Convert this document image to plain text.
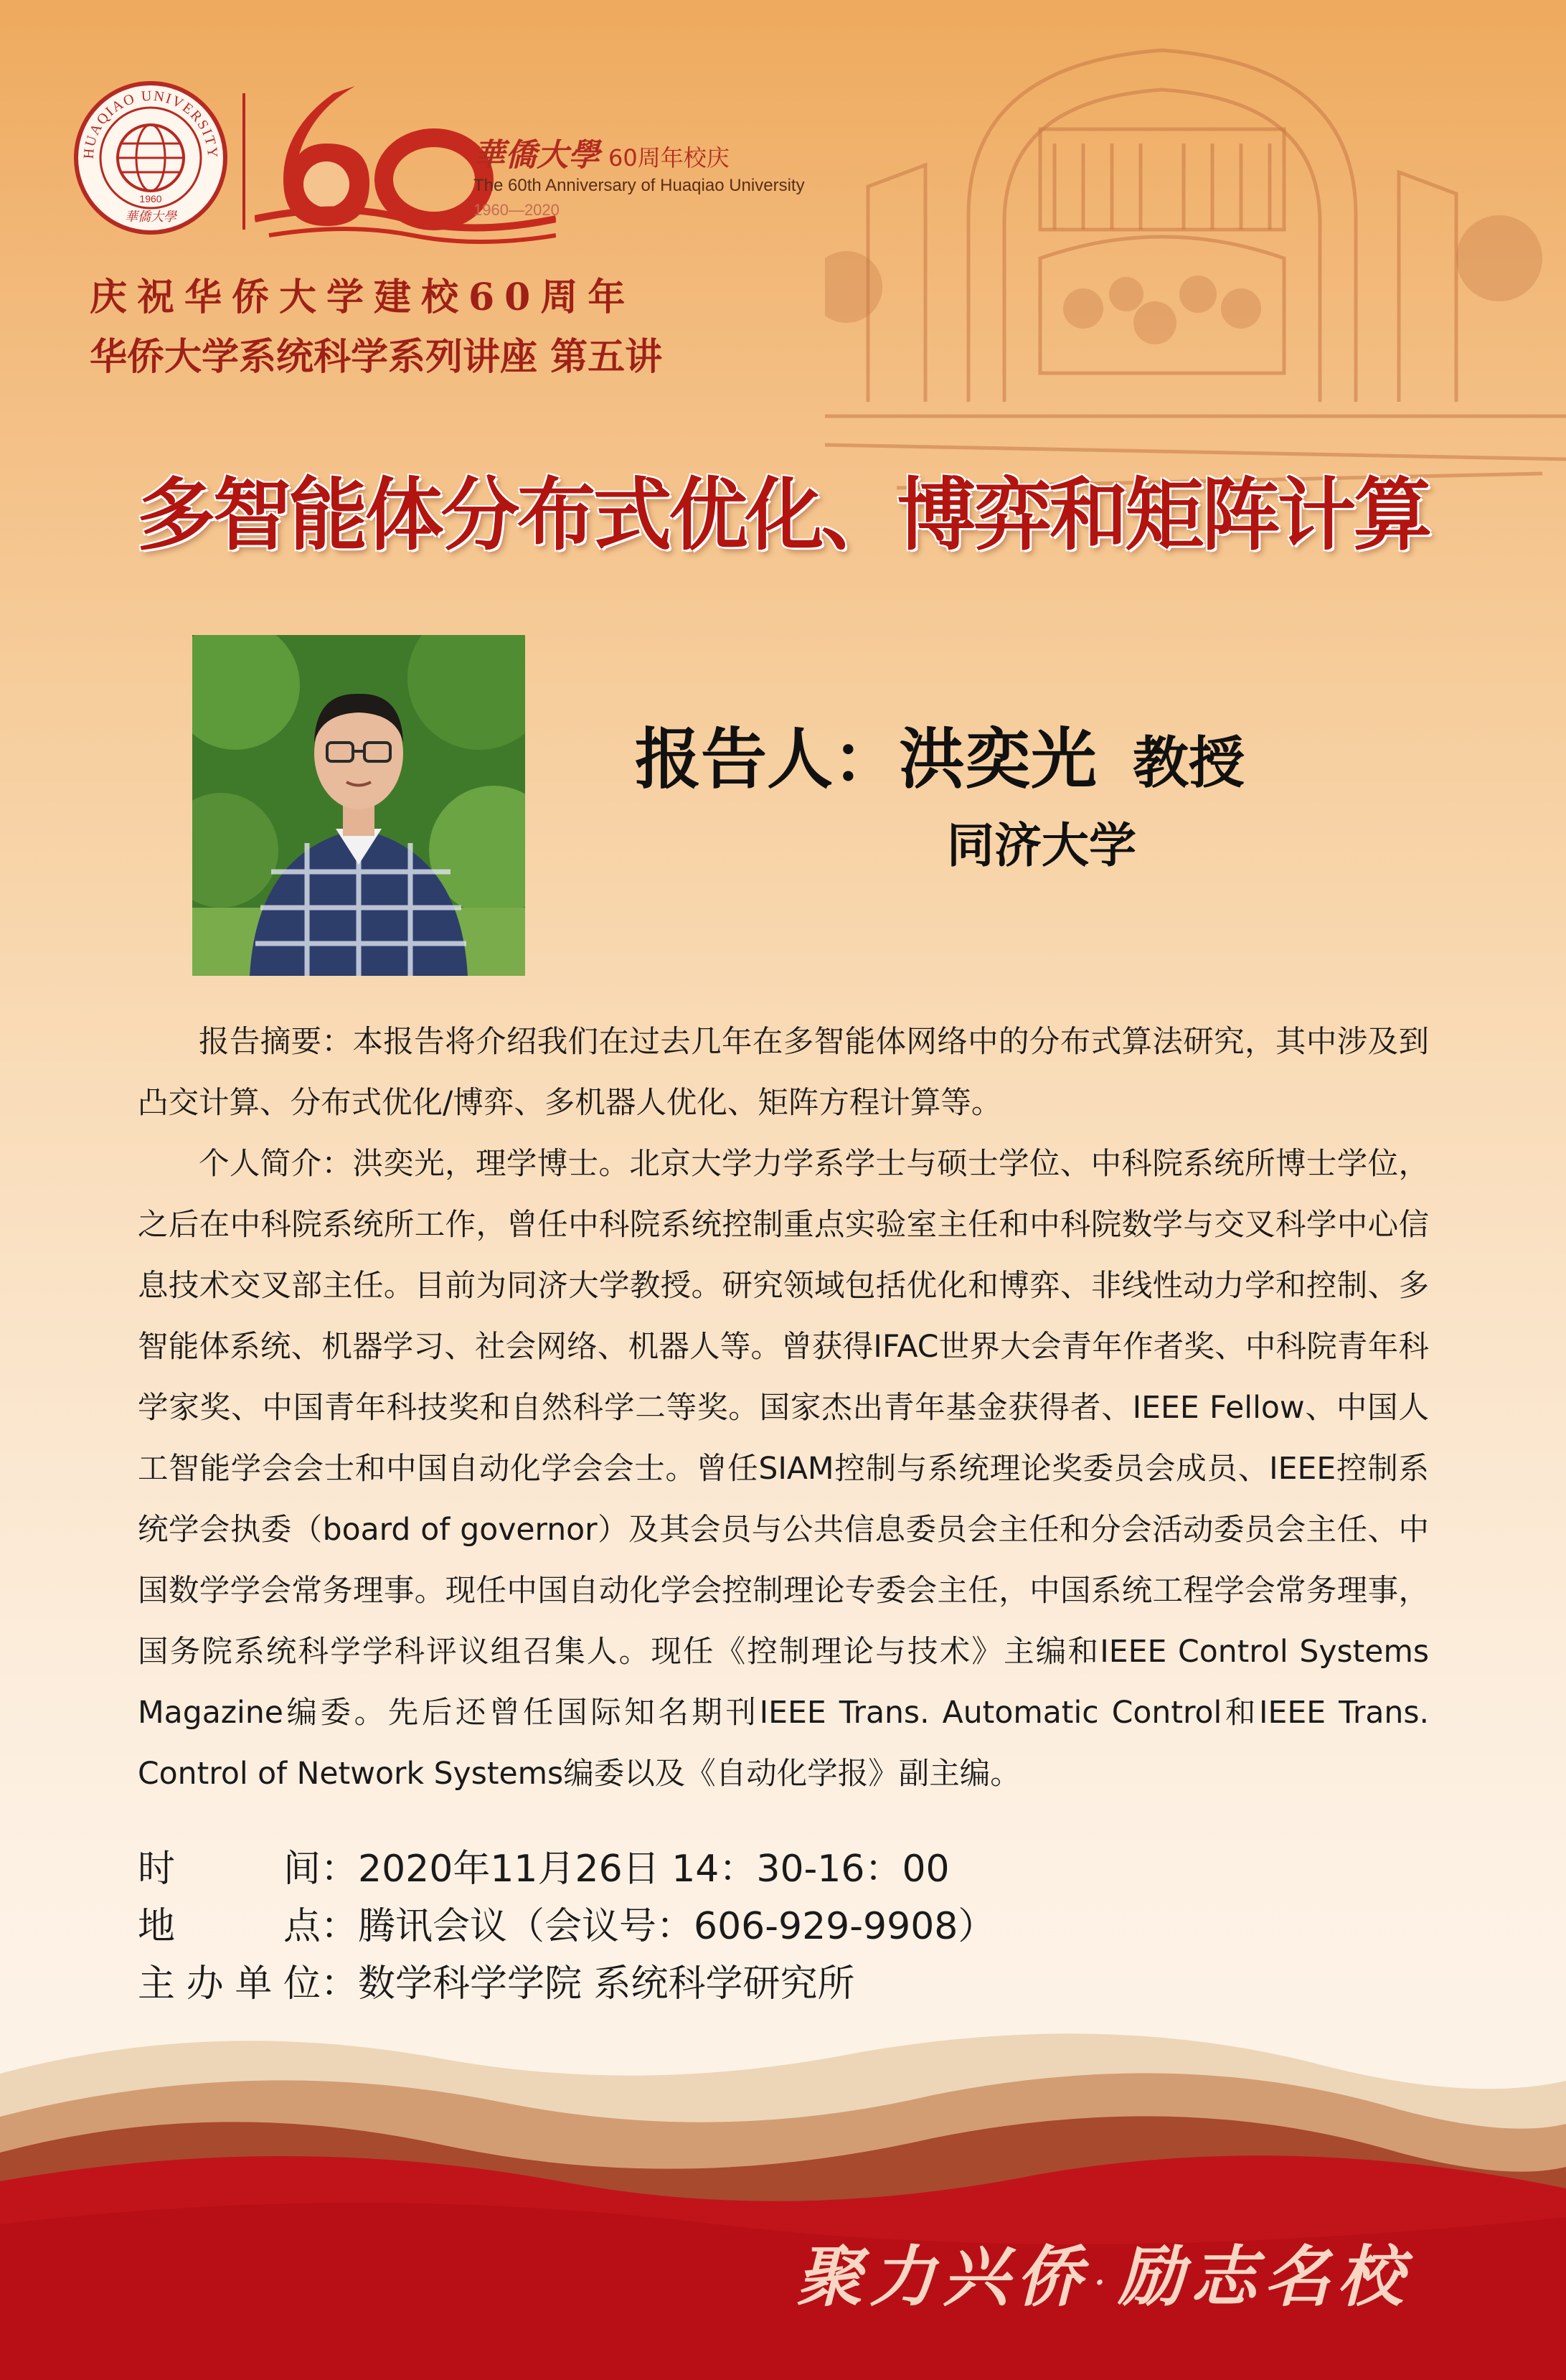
HUAQIAO UNIVERSITY
1960
華僑大學
華僑大學 60周年校庆
The 60th Anniversary of Huaqiao University
1960—2020
庆祝华侨大学建校60周年
华侨大学系统科学系列讲座 第五讲
多智能体分布式优化、博弈和矩阵计算
报告人：洪奕光 教授
同济大学

报告摘要：本报告将介绍我们在过去几年在多智能体网络中的分布式算法研究，其中涉及到凸交计算、分布式优化/博弈、多机器人优化、矩阵方程计算等。

个人简介：洪奕光，理学博士。北京大学力学系学士与硕士学位、中科院系统所博士学位，之后在中科院系统所工作，曾任中科院系统控制重点实验室主任和中科院数学与交叉科学中心信息技术交叉部主任。目前为同济大学教授。研究领域包括优化和博弈、非线性动力学和控制、多智能体系统、机器学习、社会网络、机器人等。曾获得IFAC世界大会青年作者奖、中科院青年科学家奖、中国青年科技奖和自然科学二等奖。国家杰出青年基金获得者、IEEE Fellow、中国人工智能学会会士和中国自动化学会会士。曾任SIAM控制与系统理论奖委员会成员、IEEE控制系统学会执委（board of governor）及其会员与公共信息委员会主任和分会活动委员会主任、中国数学学会常务理事。现任中国自动化学会控制理论专委会主任，中国系统工程学会常务理事，国务院系统科学学科评议组召集人。现任《控制理论与技术》主编和IEEE Control Systems Magazine编委。先后还曾任国际知名期刊IEEE Trans. Automatic Control和IEEE Trans. Control of Network Systems编委以及《自动化学报》副主编。

时间 ：2020年11月26日 14：30-16：00
地点 ：腾讯会议（会议号：606-929-9908）
主办单位 ：数学科学学院 系统科学研究所
聚力兴侨 ·励志名校
